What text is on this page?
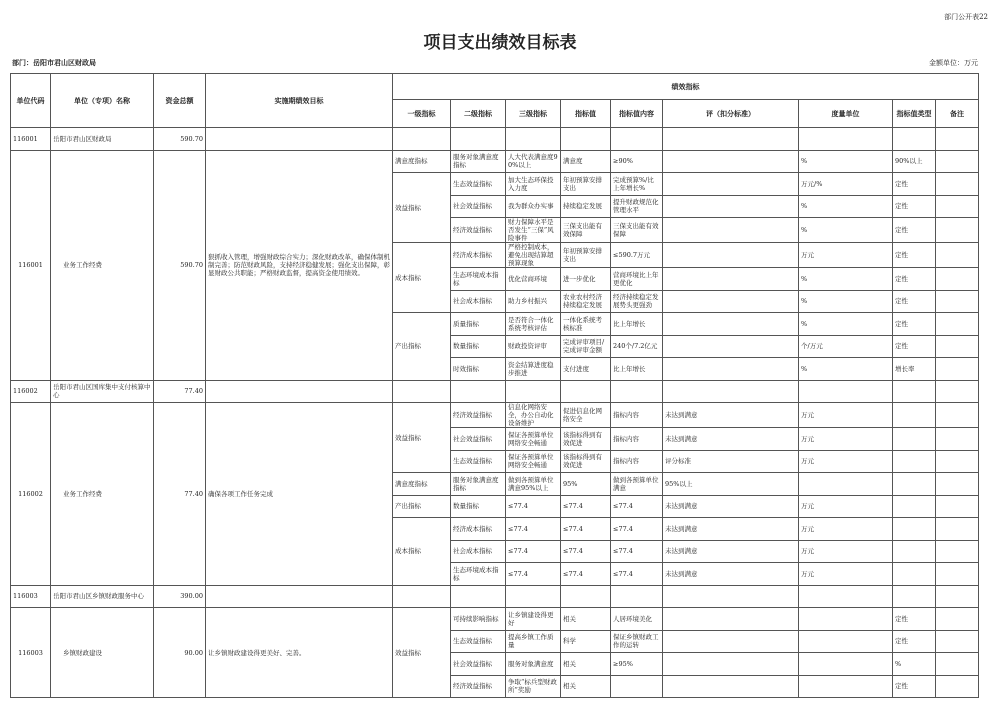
部门公开表22
项目支出绩效目标表
部门：岳阳市君山区财政局	金额单位：万元
单位代码	单位（专项）名称	资金总额	实施期绩效目标	绩效指标								
				一级指标	二级指标	三级指标	指标值	指标值内容	评（扣分标准）	度量单位	指标值类型	备注
116001	岳阳市君山区财政局	590.70										
116001	业务工作经费	590.70	狠抓收入管理，增强财政综合实力；深化财政改革，确保体制机制完善；防范财政风险，支持经济稳健发展；强化支出保障，彰显财政公共职能；严格财政监督，提高资金使用绩效。	满意度指标	服务对象满意度指标	人大代表满意度90%以上	满意度	≥90%		%	90%以上	
				效益指标	生态效益指标	加大生态环保投入力度	年初预算安排支出	完成预算%/比上年增长%		万元/%	定性	
					社会效益指标	我为群众办实事	持续稳定发展	提升财政规范化管理水平		%	定性	
					经济效益指标	财力保障水平是否发生“三保”风险事件	三保支出能有效保障	三保支出能有效保障		%	定性	
				成本指标	经济成本指标	严格控制成本，避免出现结算超预算现象	年初预算安排支出	≤590.7万元		万元	定性	
					生态环境成本指标	优化营商环境	进一步优化	营商环境比上年更优化		%	定性	
					社会成本指标	助力乡村振兴	农业农村经济持续稳定发展	经济持续稳定发展势头更强劲		%	定性	
				产出指标	质量指标	是否符合一体化系统考核评估	一体化系统考核标准	比上年增长		%	定性	
					数量指标	财政投资评审	完成评审项目/完成评审金额	240个/7.2亿元		个/万元	定性	
					时效指标	资金结算进度稳步推进	支付进度	比上年增长		%	增长率	
116002	岳阳市君山区国库集中支付核算中心	77.40										
116002	业务工作经费	77.40	确保各项工作任务完成	效益指标	经济效益指标	信息化网络安全，办公自动化设备维护	促进信息化网络安全	指标内容	未达到满意	万元		
					社会效益指标	保证各预算单位网络安全畅通	该指标得到有效促进	指标内容	未达到满意	万元		
					生态效益指标	保证各预算单位网络安全畅通	该指标得到有效促进	指标内容	评分标准	万元		
				满意度指标	服务对象满意度指标	做到各预算单位满意95%以上	95%	做到各预算单位满意	95%以上			
				产出指标	数量指标	≤77.4	≤77.4	≤77.4	未达到满意	万元		
				成本指标	经济成本指标	≤77.4	≤77.4	≤77.4	未达到满意	万元		
					社会成本指标	≤77.4	≤77.4	≤77.4	未达到满意	万元		
					生态环境成本指标	≤77.4	≤77.4	≤77.4	未达到满意	万元		
116003	岳阳市君山区乡镇财政服务中心	390.00										
116003	乡镇财政建设	90.00	让乡镇财政建设得更美好、完善。	效益指标	可持续影响指标	让乡镇建设得更好	相关	人居环境美化			定性	
					生态效益指标	提高乡镇工作质量	科学	保证乡镇财政工作的运转			定性	
					社会效益指标	服务对象满意度	相关	≥95%			%	
					经济效益指标	争取“标兵型财政所”奖励	相关				定性	
